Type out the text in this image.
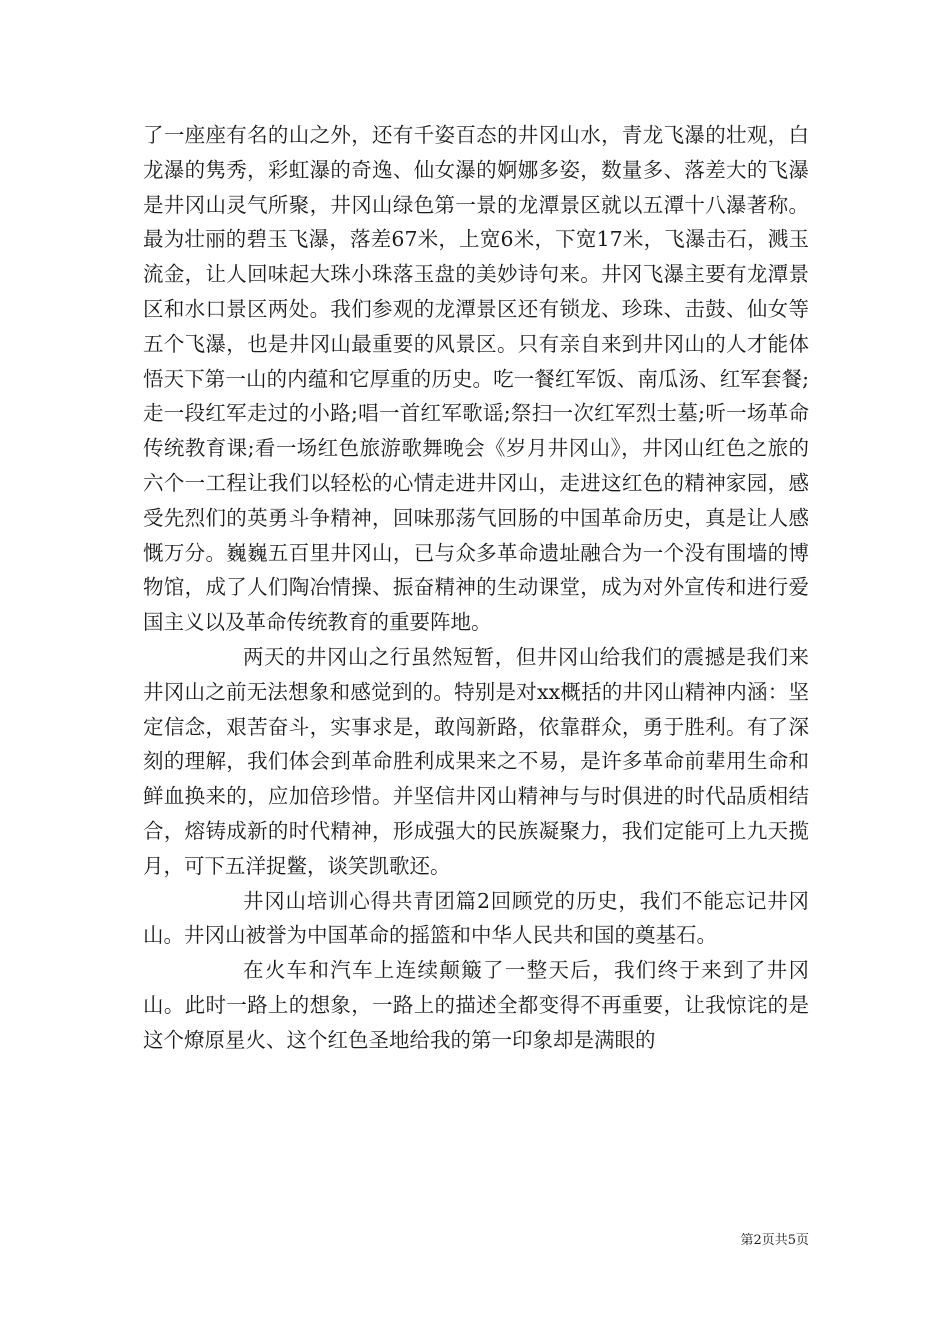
了一座座有名的山之外，还有千姿百态的井冈山水，青龙飞瀑的壮观，白龙瀑的隽秀，彩虹瀑的奇逸、仙女瀑的婀娜多姿，数量多、落差大的飞瀑是井冈山灵气所聚，井冈山绿色第一景的龙潭景区就以五潭十八瀑著称。最为壮丽的碧玉飞瀑，落差67米，上宽6米，下宽17米，飞瀑击石，溅玉流金，让人回味起大珠小珠落玉盘的美妙诗句来。井冈飞瀑主要有龙潭景区和水口景区两处。我们参观的龙潭景区还有锁龙、珍珠、击鼓、仙女等五个飞瀑，也是井冈山最重要的风景区。只有亲自来到井冈山的人才能体悟天下第一山的内蕴和它厚重的历史。吃一餐红军饭、南瓜汤、红军套餐;走一段红军走过的小路;唱一首红军歌谣;祭扫一次红军烈士墓;听一场革命传统教育课;看一场红色旅游歌舞晚会《岁月井冈山》，井冈山红色之旅的六个一工程让我们以轻松的心情走进井冈山，走进这红色的精神家园，感受先烈们的英勇斗争精神，回味那荡气回肠的中国革命历史，真是让人感慨万分。巍巍五百里井冈山，已与众多革命遗址融合为一个没有围墙的博物馆，成了人们陶冶情操、振奋精神的生动课堂，成为对外宣传和进行爱国主义以及革命传统教育的重要阵地。

两天的井冈山之行虽然短暂，但井冈山给我们的震撼是我们来井冈山之前无法想象和感觉到的。特别是对xx概括的井冈山精神内涵：坚定信念，艰苦奋斗，实事求是，敢闯新路，依靠群众，勇于胜利。有了深刻的理解，我们体会到革命胜利成果来之不易，是许多革命前辈用生命和鲜血换来的，应加倍珍惜。并坚信井冈山精神与与时俱进的时代品质相结合，熔铸成新的时代精神，形成强大的民族凝聚力，我们定能可上九天揽月，可下五洋捉鳖，谈笑凯歌还。

井冈山培训心得共青团篇2回顾党的历史，我们不能忘记井冈山。井冈山被誉为中国革命的摇篮和中华人民共和国的奠基石。

在火车和汽车上连续颠簸了一整天后，我们终于来到了井冈山。此时一路上的想象，一路上的描述全都变得不再重要，让我惊诧的是这个燎原星火、这个红色圣地给我的第一印象却是满眼的

第2页共5页
